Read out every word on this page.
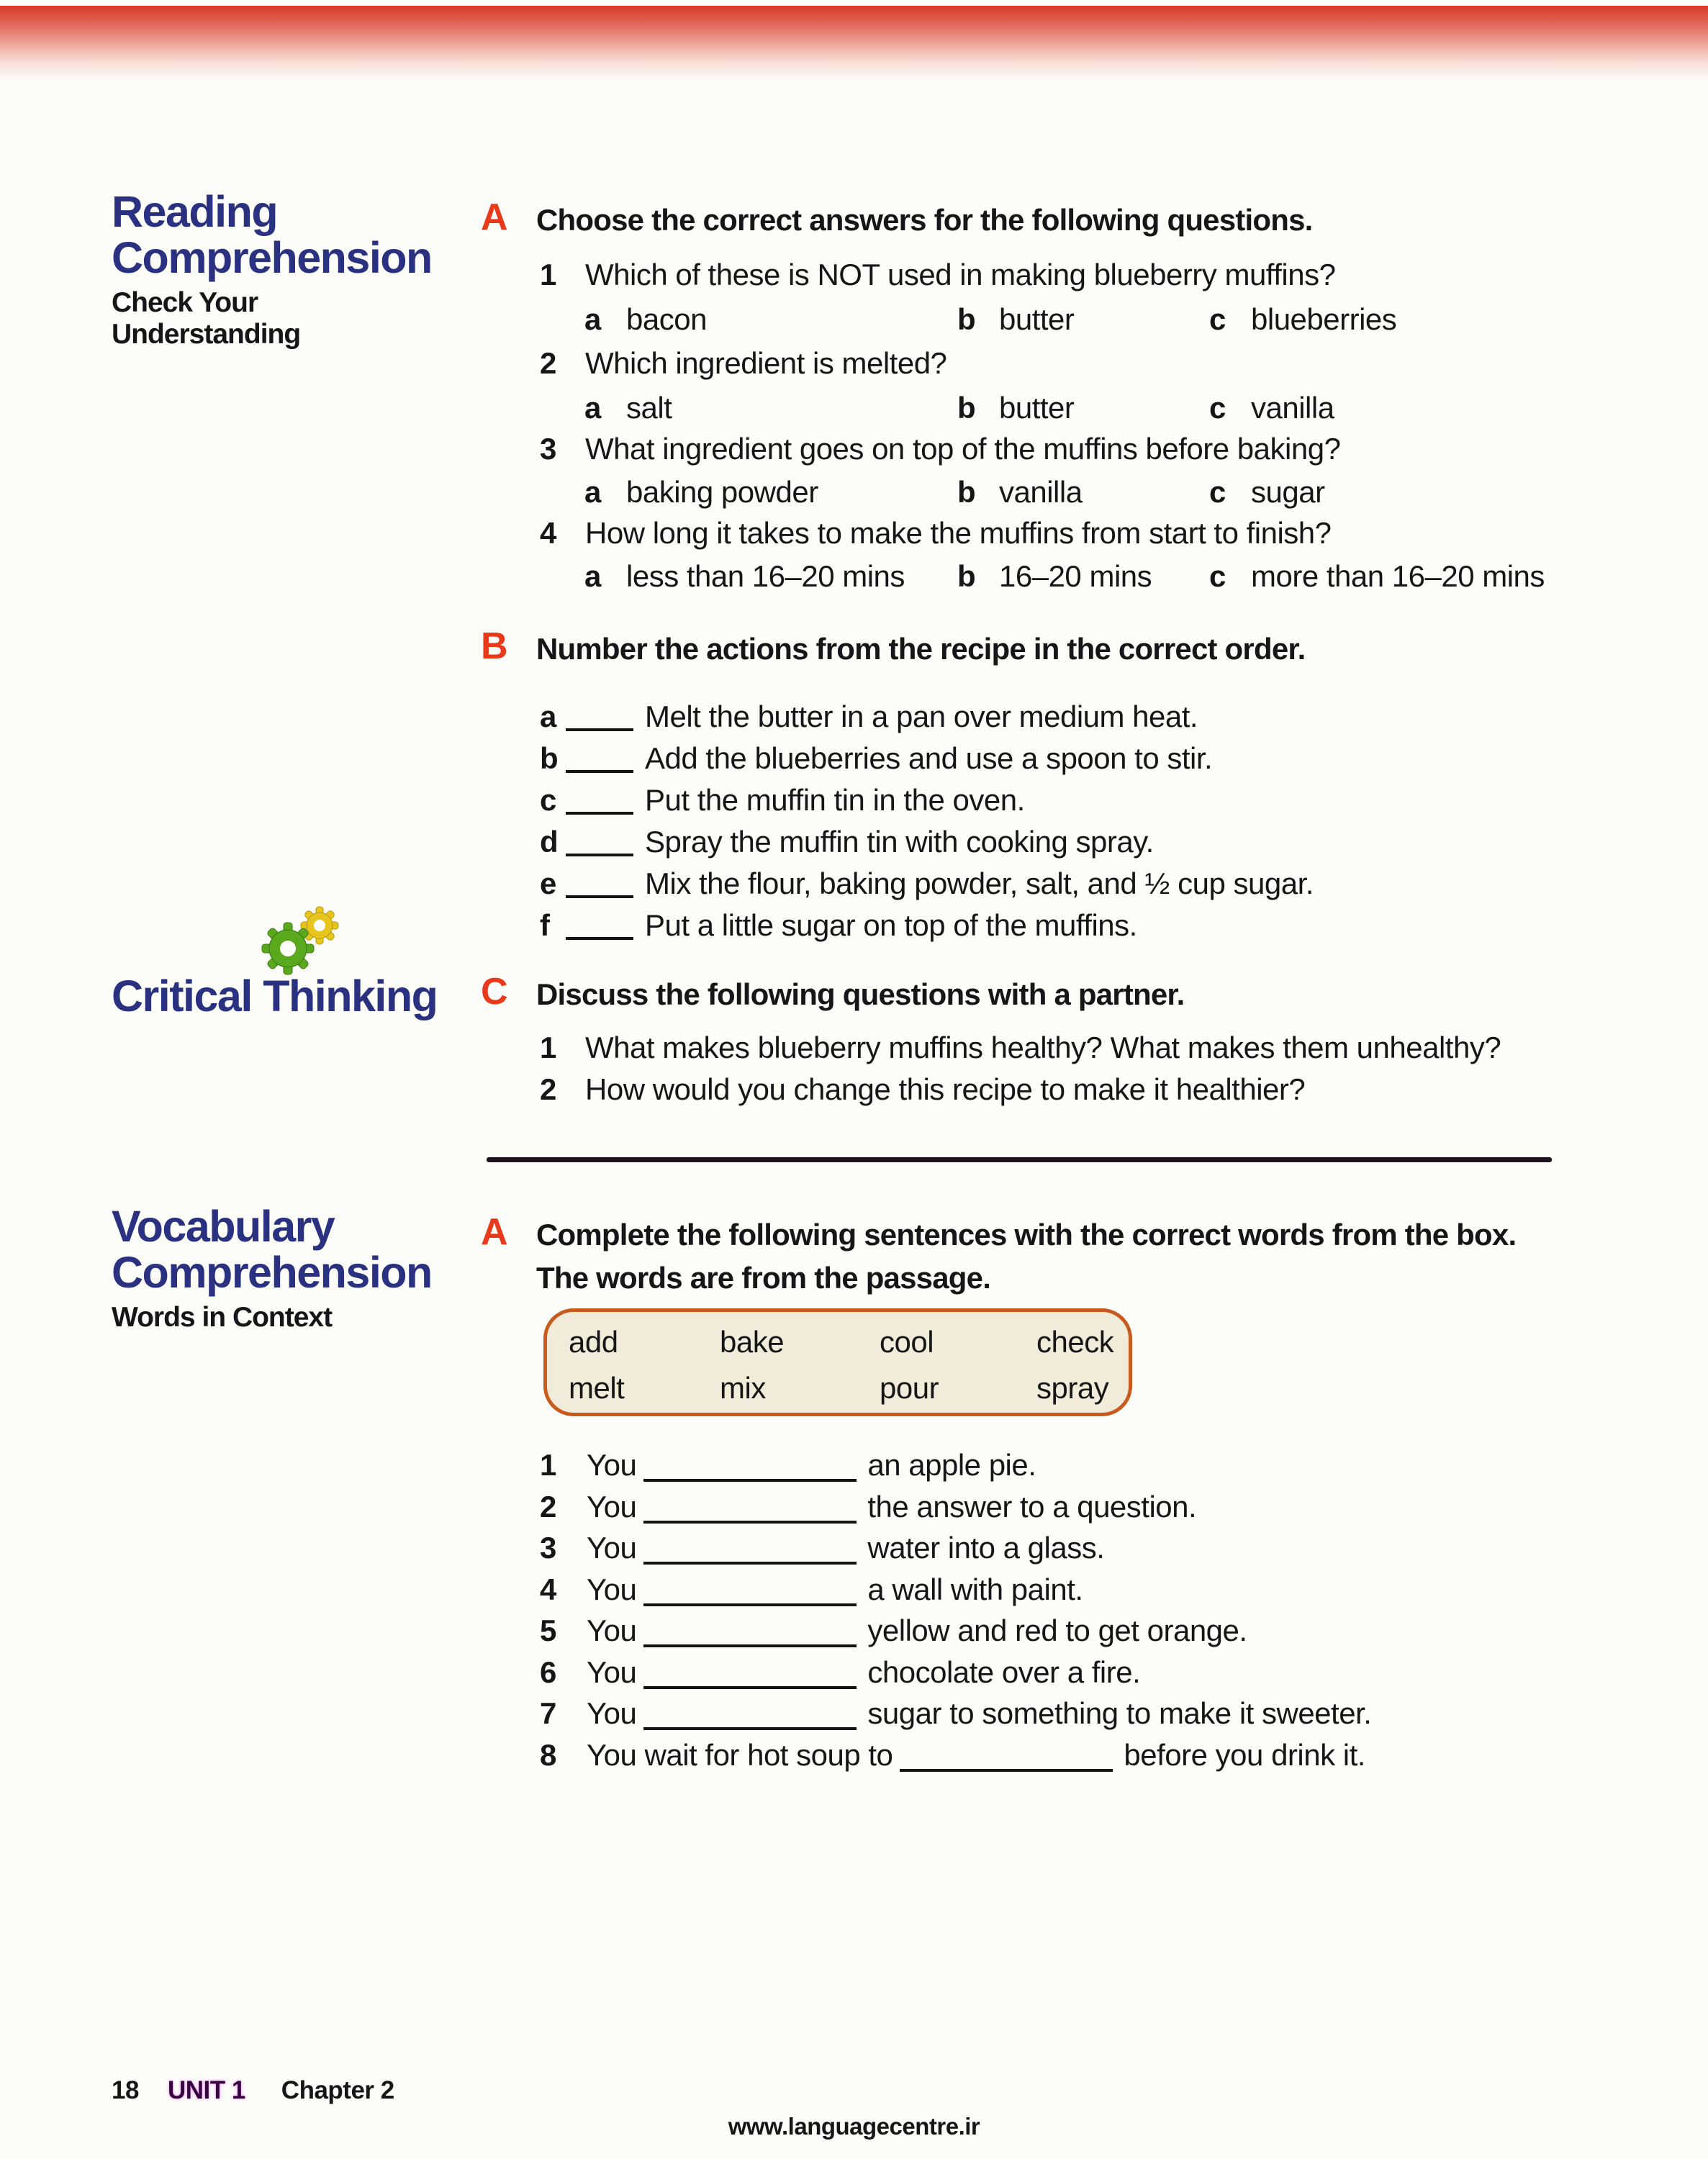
Reading
Comprehension
Check Your Understanding
Critical Thinking
Vocabulary
Comprehension
Words in Context
A Choose the correct answers for the following questions.
1 Which of these is NOT used in making blueberry muffins?
a bacon	b butter	c blueberries
2 Which ingredient is melted?
a salt	b butter	c vanilla
3 What ingredient goes on top of the muffins before baking?
a baking powder	b vanilla	c sugar
4 How long it takes to make the muffins from start to finish?
a less than 16–20 mins b 16–20 mins c more than 16–20 mins
B Number the actions from the recipe in the correct order.
a	Melt the butter in a pan over medium heat.
b	Add the blueberries and use a spoon to stir.
c	Put the muffin tin in the oven.
d	Spray the muffin tin with cooking spray.
e	Mix the flour, baking powder, salt, and ½ cup sugar.
f	Put a little sugar on top of the muffins.
C Discuss the following questions with a partner.
1 What makes blueberry muffins healthy? What makes them unhealthy?
2 How would you change this recipe to make it healthier?
A Complete the following sentences with the correct words from the box.
The words are from the passage.
add	bake	cool	check
melt	mix	pour	spray
1	You	an apple pie.
2	You	the answer to a question.
3	You	water into a glass.
4	You	a wall with paint.
5	You	yellow and red to get orange.
6	You	chocolate over a fire.
7	You	sugar to something to make it sweeter.
8	You wait for hot soup to	before you drink it.
18 UNIT 1 Chapter 2
www.languagecentre.ir
